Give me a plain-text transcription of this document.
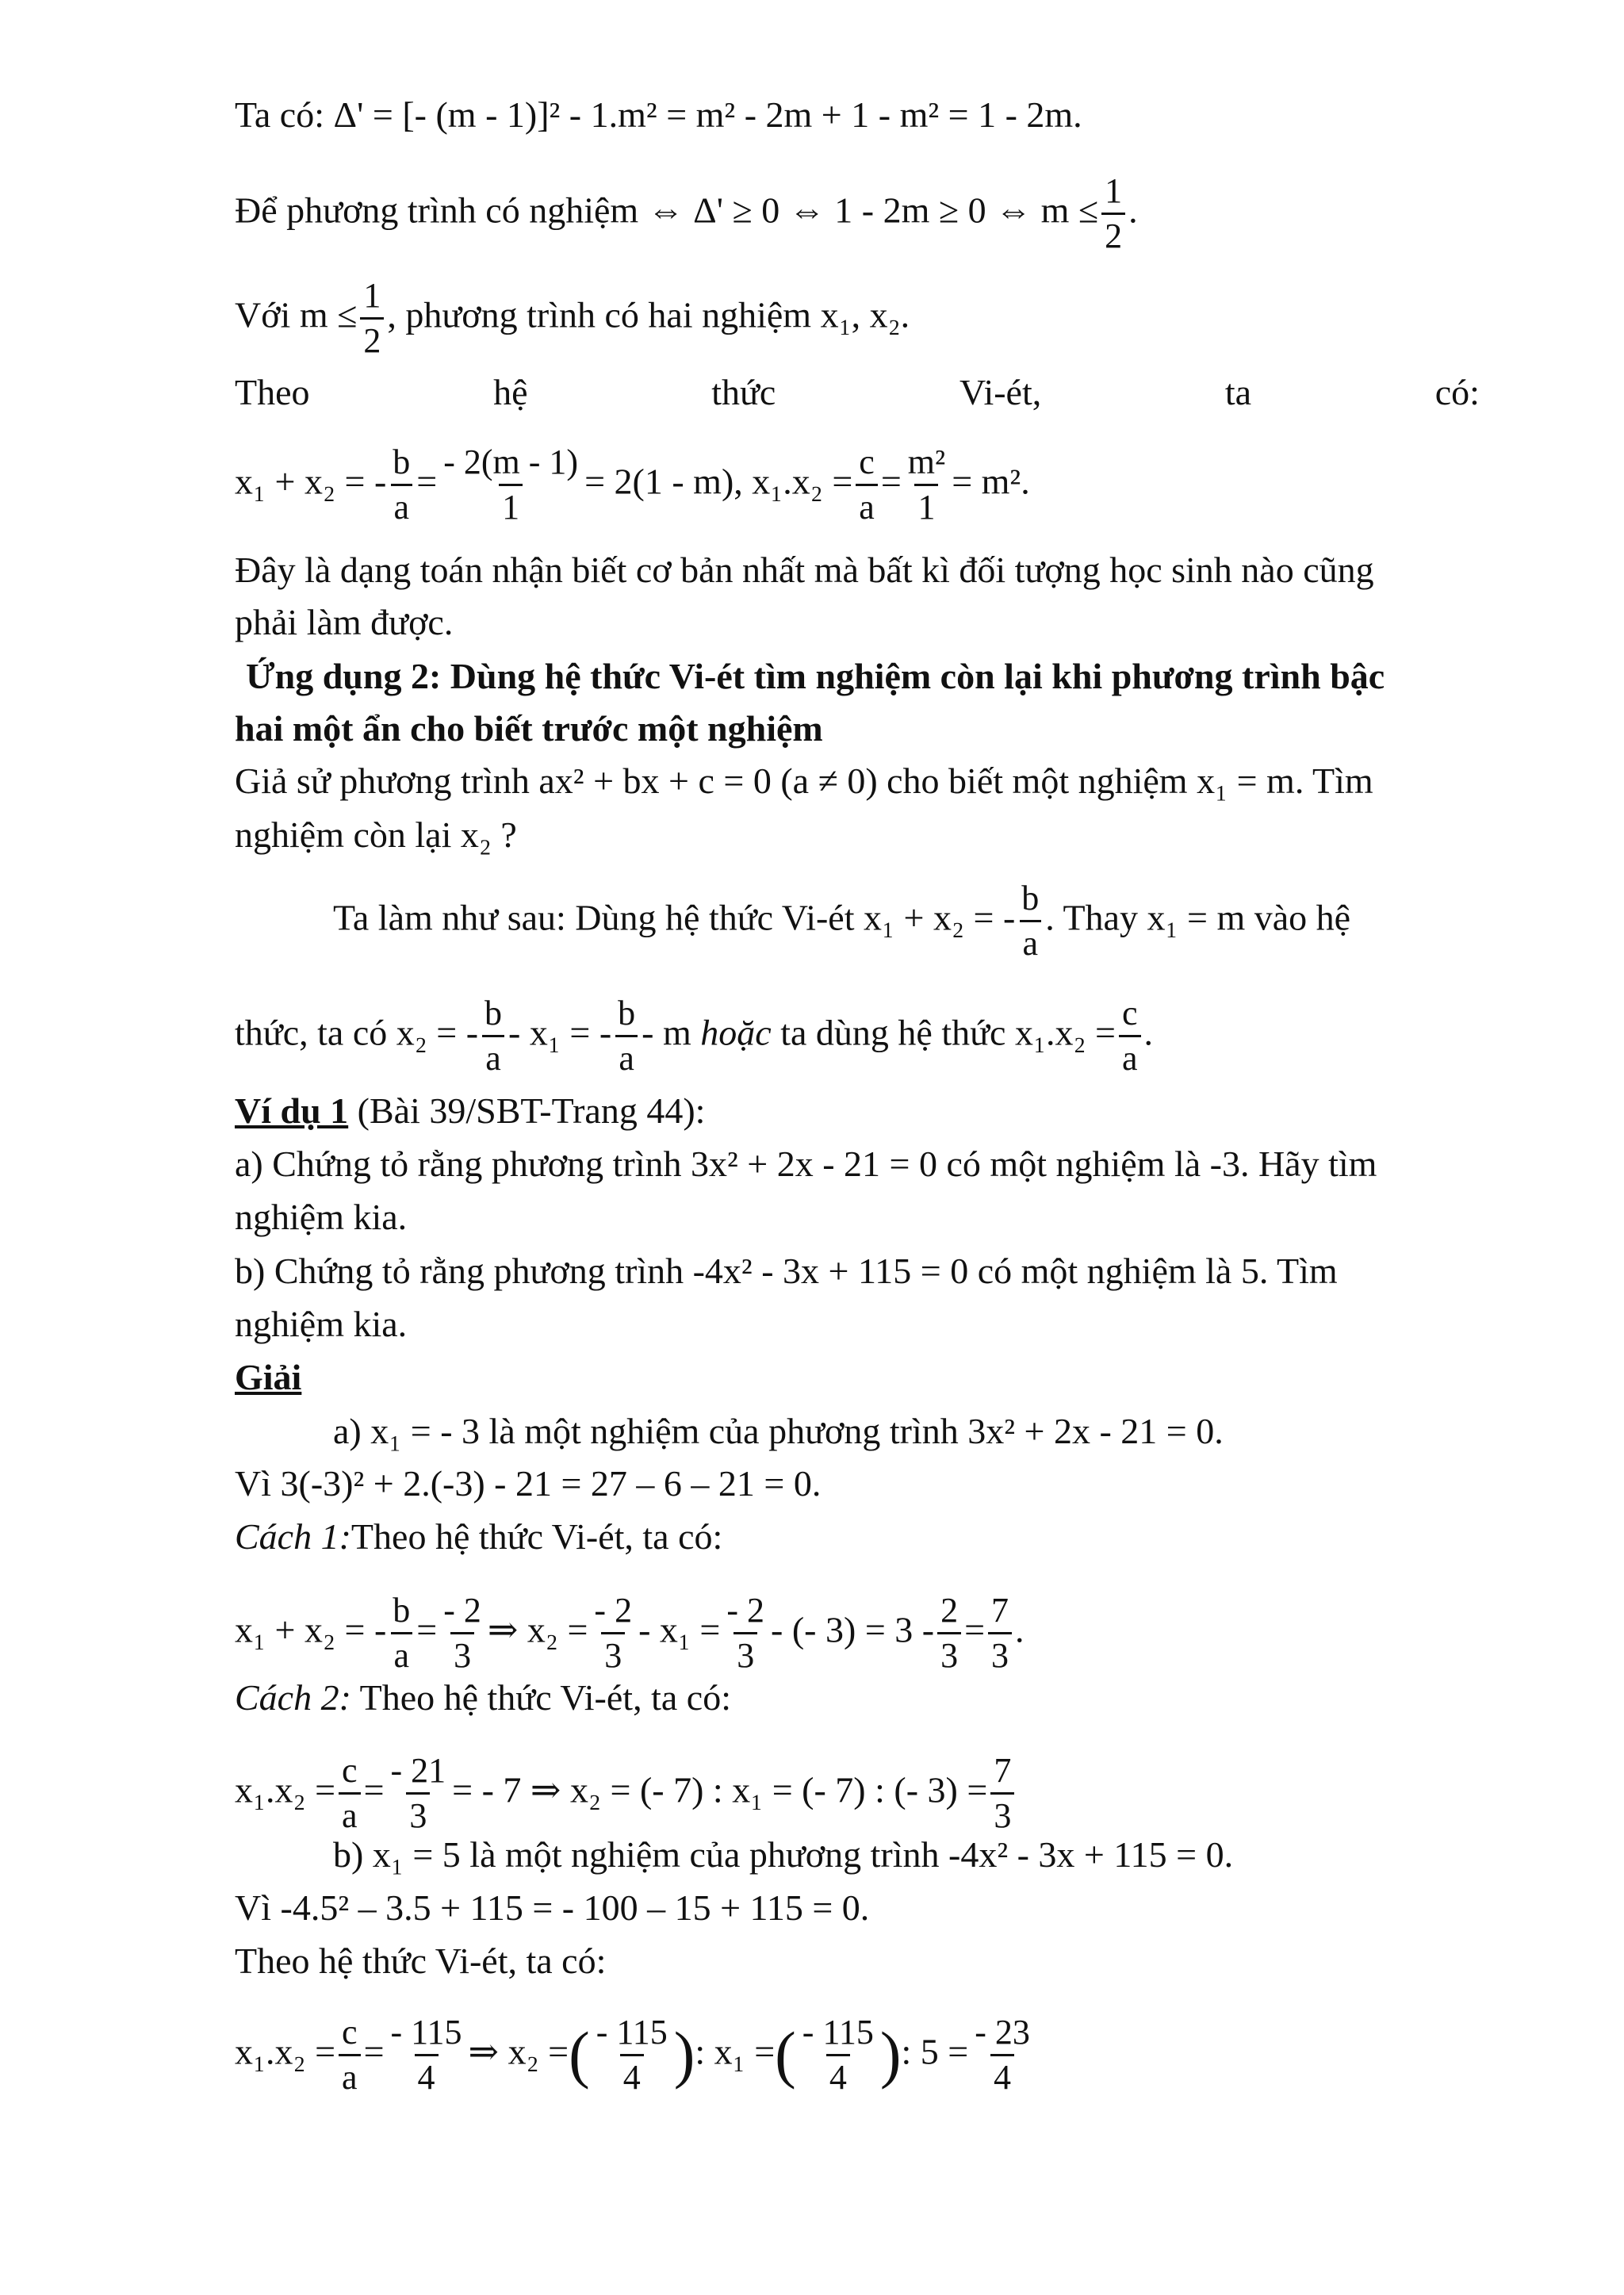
Ta có: Δ' = [- (m - 1)]² - 1.m² = m² - 2m + 1 - m² = 1 - 2m.
Để phương trình có nghiệm ⇔ Δ' ≥ 0 ⇔ 1 - 2m ≥ 0 ⇔ $m \le \frac{1}{2}$ .
Với $m \le \frac{1}{2}$ , phương trình có hai nghiệm x₁, x₂.
Theo	hệ	thức	Vi-ét,	ta	có:
x₁ + x₂ = - $\frac{b}{a} = \frac{- 2(m - 1)}{1} = 2(1 - m)$, $x_1.x_2 = \frac{c}{a} = \frac{\text{m²}}{1} = m^2$.
Đây là dạng toán nhận biết cơ bản nhất mà bất kì đối tượng học sinh nào cũng
phải làm được.
Ứng dụng 2: Dùng hệ thức Vi-ét tìm nghiệm còn lại khi phương trình bậc
hai một ẩn cho biết trước một nghiệm
Giả sử phương trình ax² + bx + c = 0 (a ≠ 0) cho biết một nghiệm x₁ = m. Tìm
nghiệm còn lại x₂ ?
Ta làm như sau: Dùng hệ thức Vi-ét x₁ + x₂ = - $\frac{b}{a}$ . Thay x₁ = m vào hệ
thức, ta có x₂ = - $\frac{b}{a} - x_1$ = - $\frac{b}{a}$ - m hoặc ta dùng hệ thức $x_1.x_2 = \frac{c}{a}$ .
Ví dụ 1 (Bài 39/SBT-Trang 44):
a) Chứng tỏ rằng phương trình 3x² + 2x - 21 = 0 có một nghiệm là -3. Hãy tìm
nghiệm kia.
b) Chứng tỏ rằng phương trình -4x² - 3x + 115 = 0 có một nghiệm là 5. Tìm
nghiệm kia.
Giải
a) x₁ = - 3 là một nghiệm của phương trình 3x² + 2x - 21 = 0.
Vì 3(-3)² + 2.(-3) - 21 = 27 – 6 – 21 = 0.
Cách 1:Theo hệ thức Vi-ét, ta có:
x₁ + x₂ = - $\frac{b}{a} = \frac{- 2}{3}$ ⇒ $x_2 = \frac{- 2}{3} - x_1 = \frac{- 2}{3}$ - (- $3) = 3 - \frac{2}{3} = \frac{7}{3}$ .
Cách 2: Theo hệ thức Vi-ét, ta có:
$x_1.x_2 = \frac{c}{a} = \frac{- 21}{3}$ = - 7 ⇒ x₂ = (- 7) : x₁ = (- 7) : (- $3) = \frac{7}{3}$
b) x₁ = 5 là một nghiệm của phương trình -4x² - 3x + 115 = 0.
Vì -4.5² – 3.5 + 115 = - 100 – 15 + 115 = 0.
Theo hệ thức Vi-ét, ta có:
$x_1.x_2 = \frac{c}{a} = \frac{- 115}{4}$ ⇒ x₂ =( $\frac{- 115}{4}$ ): x₁ =( $\frac{- 115}{4}$ ): $5 = \frac{- 23}{4}$
